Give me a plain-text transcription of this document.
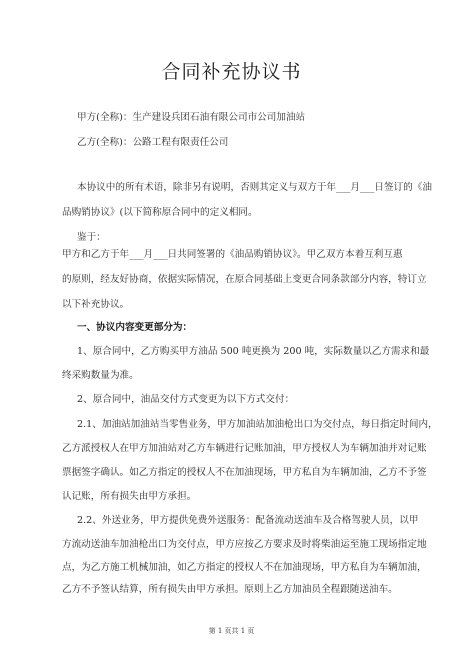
合同补充协议书
甲方(全称)：生产建设兵团石油有限公司市公司加油站
乙方(全称)：公路工程有限责任公司
本协议中的所有术语，除非另有说明，否则其定义与双方于年___月___日签订的《油
品购销协议》(以下简称原合同中的定义相同。
鉴于：
甲方和乙方于年___月___日共同签署的《油品购销协议》。甲乙双方本着互利互惠
的原则，经友好协商，依据实际情况，在原合同基础上变更合同条款部分内容，特订立
以下补充协议。
一、协议内容变更部分为：
1、原合同中，乙方购买甲方油品 500 吨更换为 200 吨，实际数量以乙方需求和最
终采购数量为准。
2、原合同中，油品交付方式变更为以下方式交付：
2.1、加油站加油站当零售业务，甲方加油站加油枪出口为交付点，每日指定时间内，
乙方派授权人在甲方加油站对乙方车辆进行记账加油，甲方授权人为车辆加油并对记账
票据签字确认。如乙方指定的授权人不在加油现场，甲方私自为车辆加油，乙方不予签
认记账，所有损失由甲方承担。
2.2、外送业务，甲方提供免费外送服务：配备流动送油车及合格驾驶人员，以甲
方流动送油车加油枪出口为交付点，甲方应按乙方要求及时将柴油运至施工现场指定地
点，为乙方施工机械加油，如乙方指定的授权人不在加油现场，甲方私自为车辆加油，
乙方不予签认结算，所有损失由甲方承担。原则上乙方加油员全程跟随送油车。
第 1 页共 1 页
